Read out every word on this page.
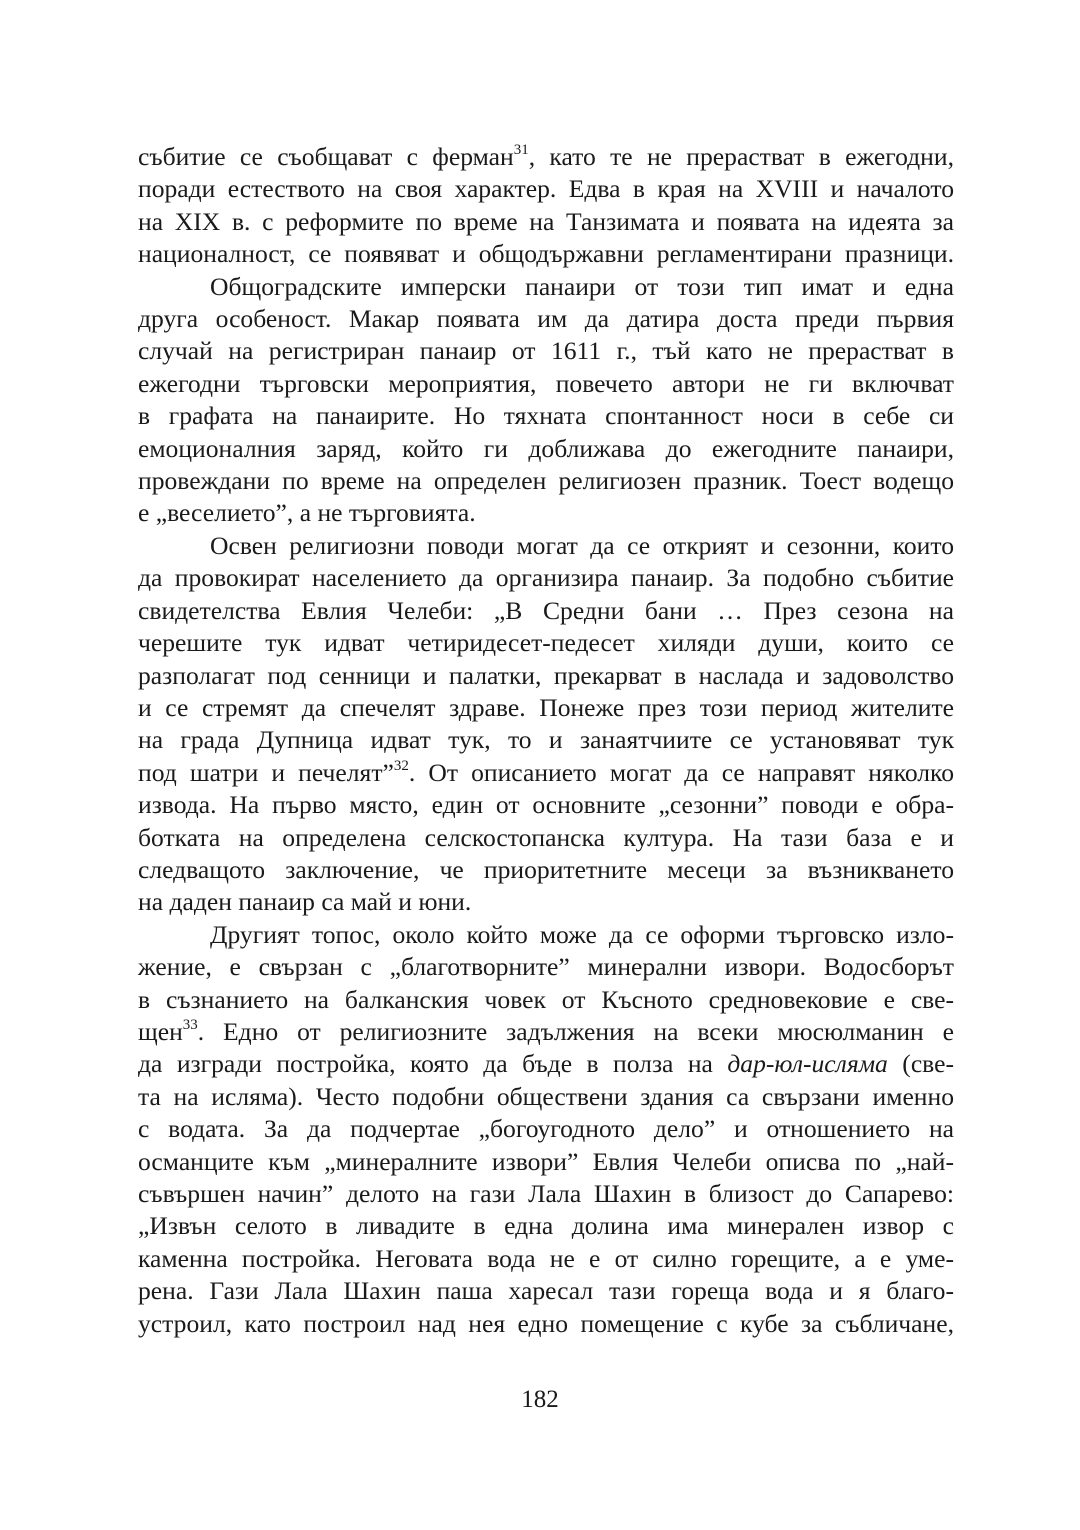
събитие се съобщават с ферман$^{31}$, като те не прерастват в ежегодни,
поради естеството на своя характер. Едва в края на XVIII и началото
на XIX в. с реформите по време на Танзимата и появата на идеята за
националност, се появяват и общодържавни регламентирани празници.

Общоградските имперски панаири от този тип имат и една
друга особеност. Макар появата им да датира доста преди първия
случай на регистриран панаир от 1611 г., тъй като не прерастват в
ежегодни търговски мероприятия, повечето автори не ги включват
в графата на панаирите. Но тяхната спонтанност носи в себе си
емоционалния заряд, който ги доближава до ежегодните панаири,
провеждани по време на определен религиозен празник. Тоест водещо
е „веселието”, а не търговията.

Освен религиозни поводи могат да се открият и сезонни, които
да провокират населението да организира панаир. За подобно събитие
свидетелства Евлия Челеби: „В Средни бани … През сезона на
черешите тук идват четиридесет-педесет хиляди души, които се
разполагат под сенници и палатки, прекарват в наслада и задоволство
и се стремят да спечелят здраве. Понеже през този период жителите
на града Дупница идват тук, то и занаятчиите се установяват тук
под шатри и печелят”$^{32}$. От описанието могат да се направят няколко
извода. На първо място, един от основните „сезонни” поводи е обра-
ботката на определена селскостопанска култура. На тази база е и
следващото заключение, че приоритетните месеци за възникването
на даден панаир са май и юни.

Другият топос, около който може да се оформи търговско изло-
жение, е свързан с „благотворните” минерални извори. Водосборът
в съзнанието на балканския човек от Късното средновековие е све-
щен$^{33}$. Едно от религиозните задължения на всеки мюсюлманин е
да изгради постройка, която да бъде в полза на дар-юл-исляма (све-
та на исляма). Често подобни обществени здания са свързани именно
с водата. За да подчертае „богоугодното дело” и отношението на
османците към „минералните извори” Евлия Челеби описва по „най-
съвършен начин” делото на гази Лала Шахин в близост до Сапарево:
„Извън селото в ливадите в една долина има минерален извор с
каменна постройка. Неговата вода не е от силно горещите, а е уме-
рена. Гази Лала Шахин паша харесал тази гореща вода и я благо-
устроил, като построил над нея едно помещение с кубе за събличане,

182
